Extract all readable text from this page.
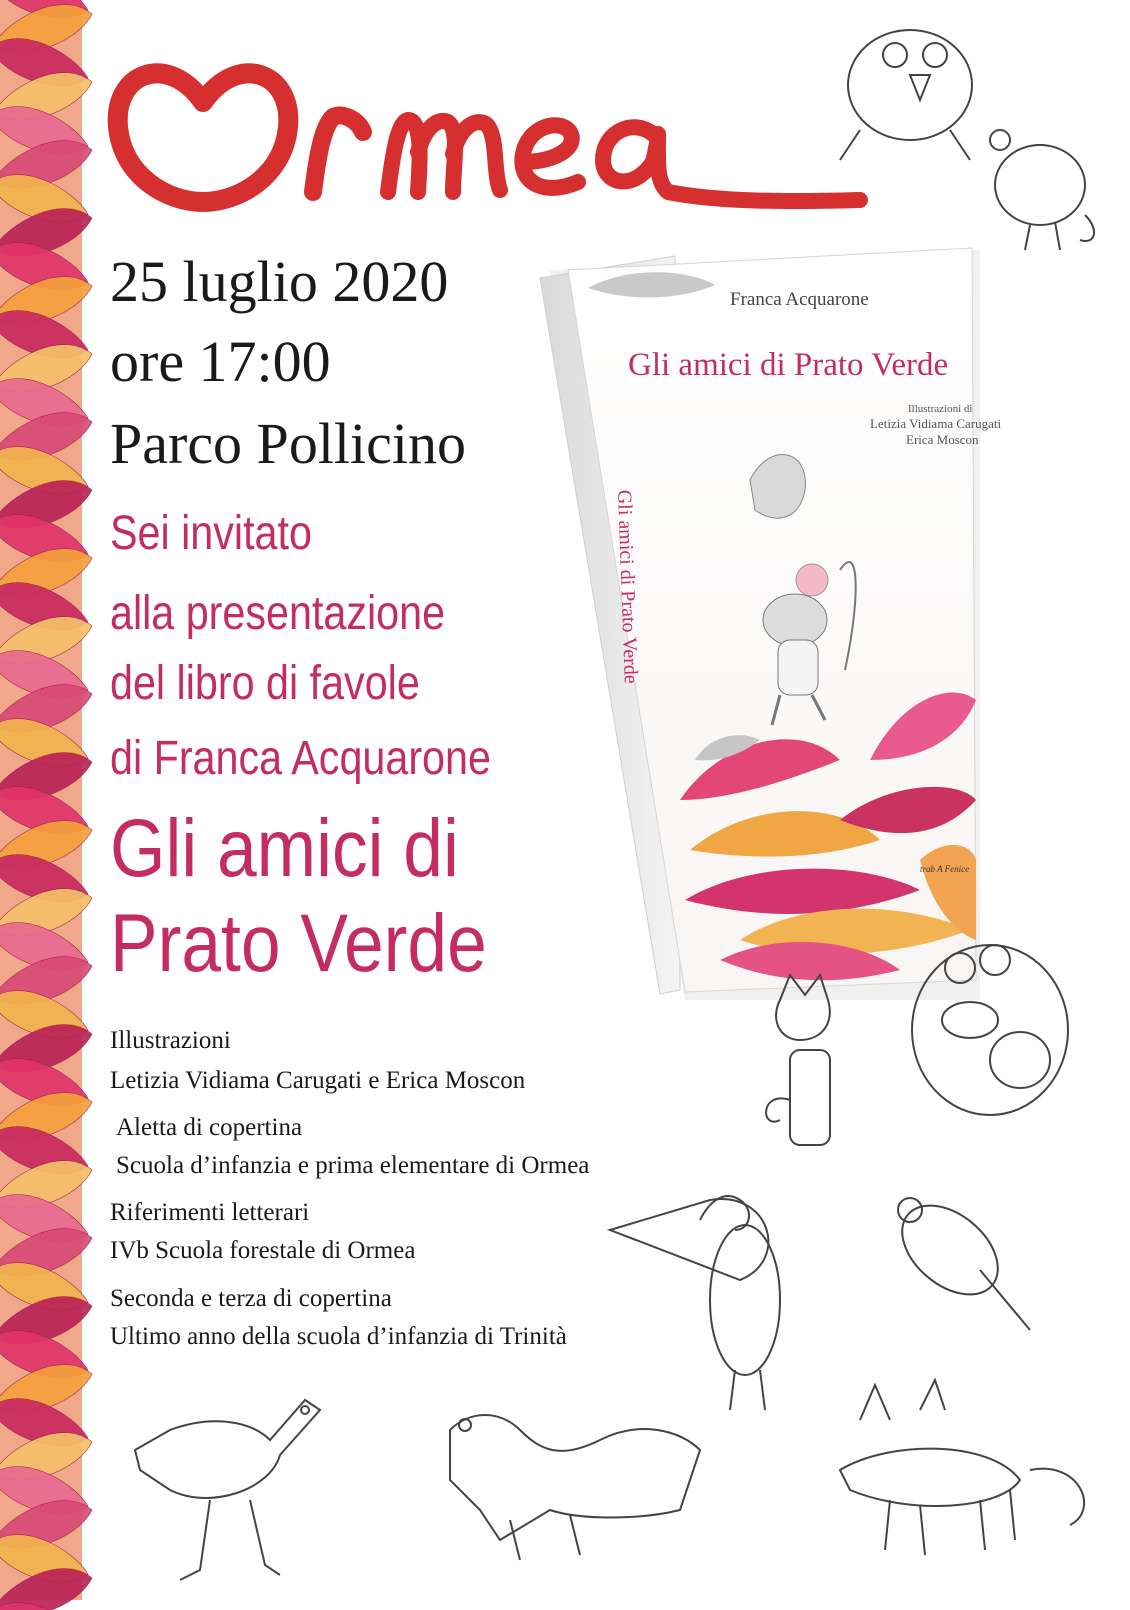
Ormea
25 luglio 2020
ore 17:00
Parco Pollicino
Sei invitato
alla presentazione
del libro di favole
di Franca Acquarone
Gli amici di
Prato Verde
Illustrazioni
Letizia Vidiama Carugati e Erica Moscon
Aletta di copertina
Scuola d’infanzia e prima elementare di Ormea
Riferimenti letterari
IVb Scuola forestale di Ormea
Seconda e terza di copertina
Ultimo anno della scuola d’infanzia di Trinità
Franca Acquarone
Gli amici di Prato Verde
Illustrazioni di
Letizia Vidiama Carugati
Erica Moscon
trab A Fenice
Gli amici di Prato Verde
